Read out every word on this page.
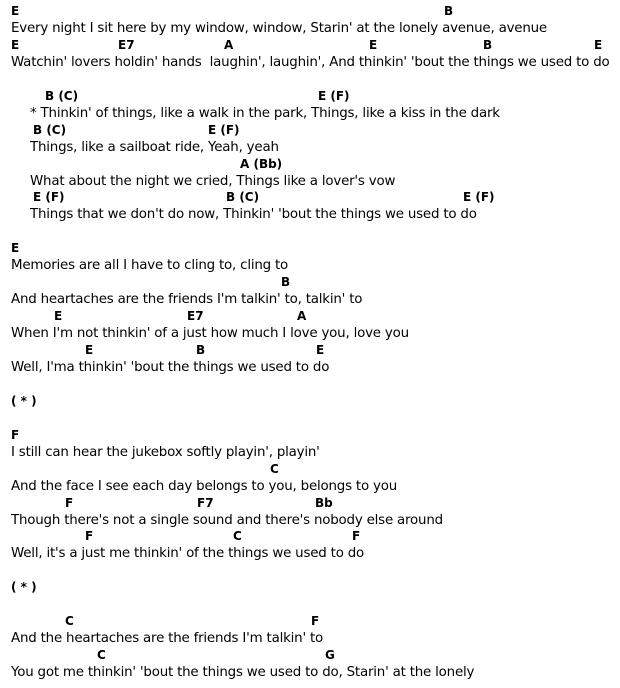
E	B
Every night I sit here by my window, window, Starin' at the lonely avenue, avenue
E	E7	A	E	B	E
Watchin' lovers holdin' hands  laughin', laughin', And thinkin' 'bout the things we used to do
B (C)	E (F)
* Thinkin' of things, like a walk in the park, Things, like a kiss in the dark
B (C)	E (F)
Things, like a sailboat ride, Yeah, yeah
A (Bb)
What about the night we cried, Things like a lover's vow
E (F)	B (C)	E (F)
Things that we don't do now, Thinkin' 'bout the things we used to do
E
Memories are all I have to cling to, cling to
B
And heartaches are the friends I'm talkin' to, talkin' to
E	E7	A
When I'm not thinkin' of a just how much I love you, love you
E	B	E
Well, I'ma thinkin' 'bout the things we used to do
( * )
F
I still can hear the jukebox softly playin', playin'
C
And the face I see each day belongs to you, belongs to you
F	F7	Bb
Though there's not a single sound and there's nobody else around
F	C	F
Well, it's a just me thinkin' of the things we used to do
( * )
C	F
And the heartaches are the friends I'm talkin' to
C	G
You got me thinkin' 'bout the things we used to do, Starin' at the lonely
